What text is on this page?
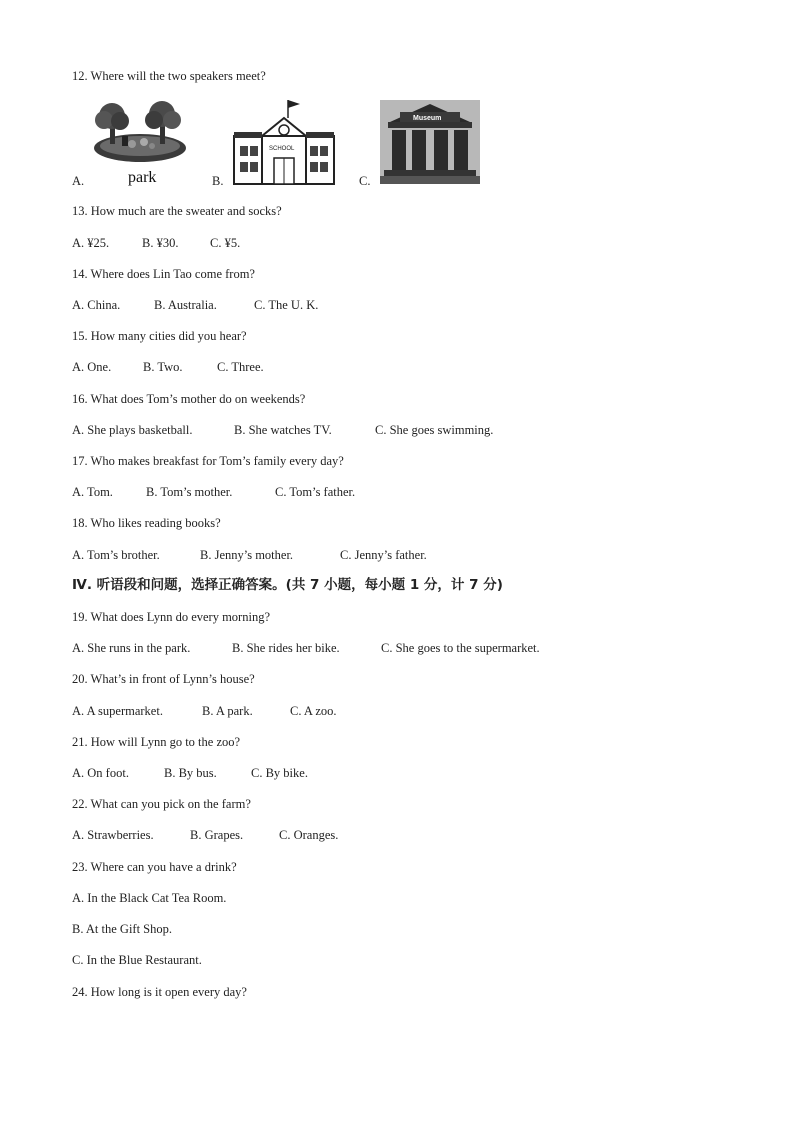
12. Where will the two speakers meet?
A.	park	B.
SCHOOL
C.
Museum
13. How much are the sweater and socks?
A. ¥25.	B. ¥30.	C. ¥5.
14. Where does Lin Tao come from?
A. China.	B. Australia.	C. The U. K.
15. How many cities did you hear?
A. One.	B. Two.	C. Three.
16. What does Tom’s mother do on weekends?
A. She plays basketball.	B. She watches TV.	C. She goes swimming.
17. Who makes breakfast for Tom’s family every day?
A. Tom.	B. Tom’s mother.	C. Tom’s father.
18. Who likes reading books?
A. Tom’s brother.	B. Jenny’s mother.	C. Jenny’s father.
Ⅳ. 听语段和问题，选择正确答案。(共 7 小题，每小题 1 分，计 7 分)
19. What does Lynn do every morning?
A. She runs in the park.	B. She rides her bike.	C. She goes to the supermarket.
20. What’s in front of Lynn’s house?
A. A supermarket.	B. A park.	C. A zoo.
21. How will Lynn go to the zoo?
A. On foot.	B. By bus.	C. By bike.
22. What can you pick on the farm?
A. Strawberries.	B. Grapes.	C. Oranges.
23. Where can you have a drink?
A. In the Black Cat Tea Room.
B. At the Gift Shop.
C. In the Blue Restaurant.
24. How long is it open every day?
